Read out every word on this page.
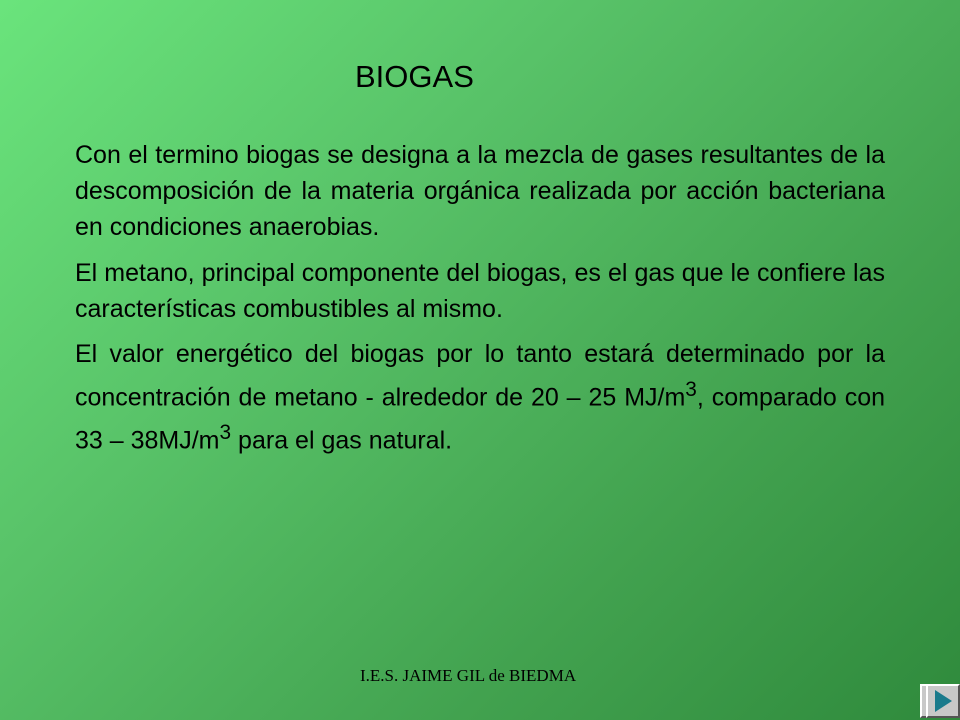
BIOGAS

Con el termino biogas se designa a la mezcla de gases resultantes de la descomposición de la materia orgánica realizada por acción bacteriana en condiciones anaerobias.

El metano, principal componente del biogas, es el gas que le confiere las características combustibles al mismo.

El valor energético del biogas por lo tanto estará determinado por la concentración de metano - alrededor de 20 – 25 $MJ/m^3$, comparado con $33 - 38MJ/m^3$ para el gas natural.

I.E.S. JAIME GIL de BIEDMA
